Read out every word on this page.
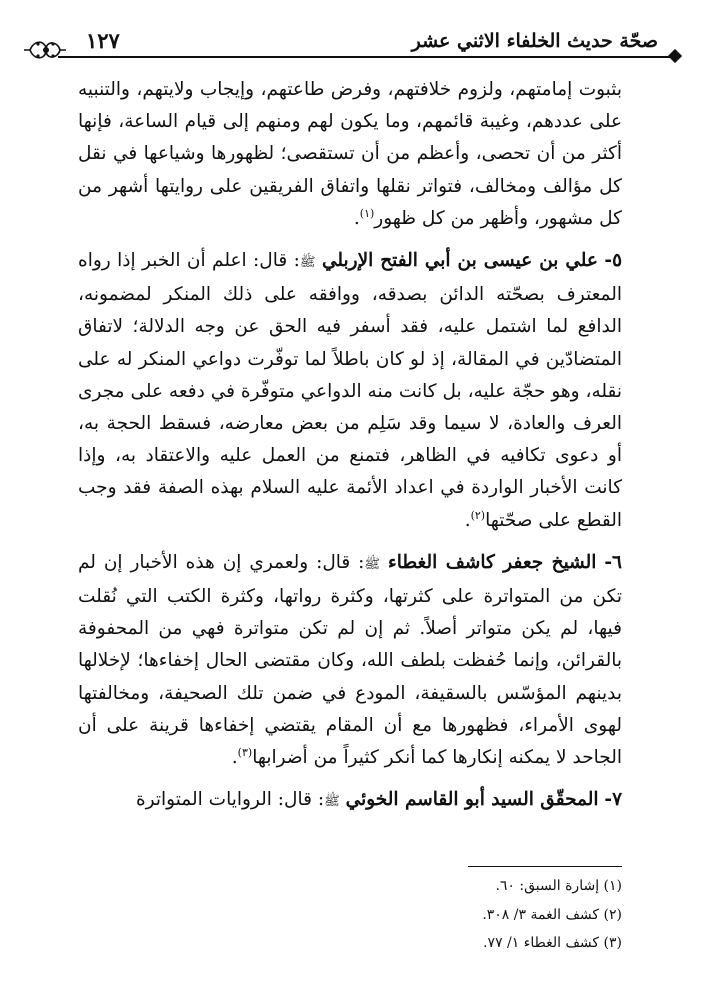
صحّة حديث الخلفاء الاثني عشر
١٢٧

بثبوت إمامتهم، ولزوم خلافتهم، وفرض طاعتهم، وإيجاب ولايتهم، والتنبيه على عددهم، وغيبة قائمهم، وما يكون لهم ومنهم إلى قيام الساعة، فإنها أكثر من أن تحصى، وأعظم من أن تستقصى؛ لظهورها وشياعها في نقل كل مؤالف ومخالف، فتواتر نقلها واتفاق الفريقين على روايتها أشهر من كل مشهور، وأظهر من كل ظهور$^{(١)}$.

٥- علي بن عيسى بن أبي الفتح الإربلي ﷺ: قال: اعلم أن الخبر إذا رواه المعترف بصحّته الدائن بصدقه، ووافقه على ذلك المنكر لمضمونه، الدافع لما اشتمل عليه، فقد أسفر فيه الحق عن وجه الدلالة؛ لاتفاق المتضادّين في المقالة، إذ لو كان باطلاً لما توفّرت دواعي المنكر له على نقله، وهو حجّة عليه، بل كانت منه الدواعي متوفّرة في دفعه على مجرى العرف والعادة، لا سيما وقد سَلِم من بعض معارضه، فسقط الحجة به، أو دعوى تكافيه في الظاهر، فتمنع من العمل عليه والاعتقاد به، وإذا كانت الأخبار الواردة في اعداد الأئمة عليه السلام بهذه الصفة فقد وجب القطع على صحّتها$^{(٢)}$.

٦- الشيخ جعفر كاشف الغطاء ﷺ: قال: ولعمري إن هذه الأخبار إن لم تكن من المتواترة على كثرتها، وكثرة رواتها، وكثرة الكتب التي نُقلت فيها، لم يكن متواتر أصلاً. ثم إن لم تكن متواترة فهي من المحفوفة بالقرائن، وإنما حُفظت بلطف الله، وكان مقتضى الحال إخفاءها؛ لإخلالها بدينهم المؤسّس بالسقيفة، المودع في ضمن تلك الصحيفة، ومخالفتها لهوى الأمراء، فظهورها مع أن المقام يقتضي إخفاءها قرينة على أن الجاحد لا يمكنه إنكارها كما أنكر كثيراً من أضرابها$^{(٣)}$.

٧- المحقّق السيد أبو القاسم الخوئي ﷺ: قال: الروايات المتواترة

(١) إشارة السبق: ٦٠.
(٢) كشف الغمة ٣/ ٣٠٨.
(٣) كشف الغطاء ١/ ٧٧.
